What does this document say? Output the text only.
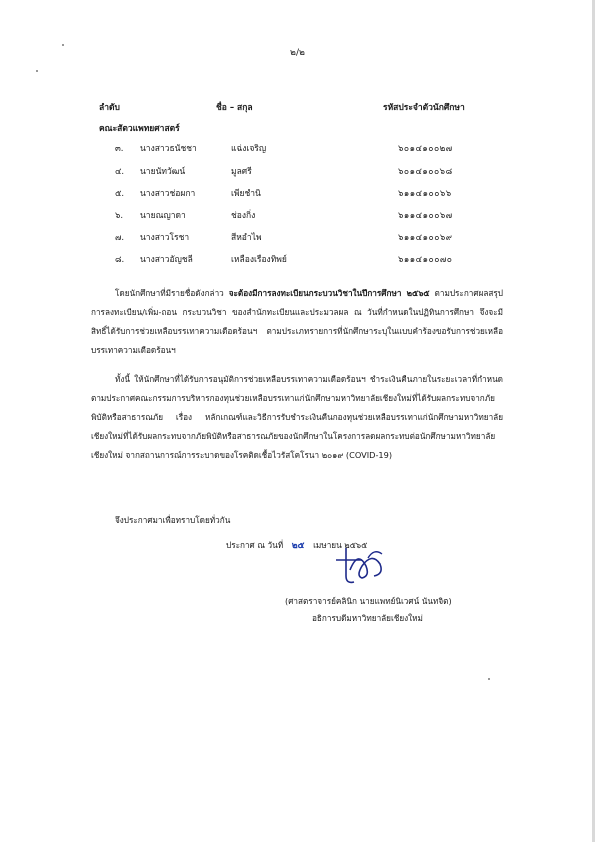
๒/๒
ลำดับ	ชื่อ – สกุล	รหัสประจำตัวนักศึกษา
คณะสัตวแพทยศาสตร์
๓. นางสาวธนัชชา	แฉ่งเจริญ	๖๐๑๔๑๐๐๒๗
๔. นายนัทวัฒน์	มูลศรี	๖๐๑๔๑๐๐๖๘
๕. นางสาวช่อผกา	เพียชำนิ	๖๑๑๔๑๐๐๖๖
๖. นายณญาดา	ช่องกิ่ง	๖๑๑๔๑๐๐๖๗
๗. นางสาวโรชา	สีหอำไพ	๖๑๑๔๑๐๐๖๙
๘. นางสาวอัญชลี	เหลืองเรืองทิพย์	๖๑๑๔๑๐๐๗๐

โดยนักศึกษาที่มีรายชื่อดังกล่าว จะต้องมีการลงทะเบียนกระบวนวิชาในปีการศึกษา ๒๕๖๕ ตามประกาศผลสรุปการลงทะเบียน/เพิ่ม-ถอน กระบวนวิชา ของสำนักทะเบียนและประมวลผล ณ วันที่กำหนดในปฏิทินการศึกษา จึงจะมีสิทธิ์ได้รับการช่วยเหลือบรรเทาความเดือดร้อนฯ ตามประเภทรายการที่นักศึกษาระบุในแบบคำร้องขอรับการช่วยเหลือบรรเทาความเดือดร้อนฯ

ทั้งนี้ ให้นักศึกษาที่ได้รับการอนุมัติการช่วยเหลือบรรเทาความเดือดร้อนฯ ชำระเงินคืนภายในระยะเวลาที่กำหนด ตามประกาศคณะกรรมการบริหารกองทุนช่วยเหลือบรรเทาแก่นักศึกษามหาวิทยาลัยเชียงใหม่ที่ได้รับผลกระทบจากภัยพิบัติหรือสาธารณภัย เรื่อง หลักเกณฑ์และวิธีการรับชำระเงินคืนกองทุนช่วยเหลือบรรเทาแก่นักศึกษามหาวิทยาลัยเชียงใหม่ที่ได้รับผลกระทบจากภัยพิบัติหรือสาธารณภัยของนักศึกษาในโครงการลดผลกระทบต่อนักศึกษามหาวิทยาลัยเชียงใหม่ จากสถานการณ์การระบาดของโรคติดเชื้อไวรัสโคโรนา ๒๐๑๙ (COVID-19)

จึงประกาศมาเพื่อทราบโดยทั่วกัน
ประกาศ ณ วันที่ ๒๕ เมษายน ๒๕๖๕
(ศาสตราจารย์คลินิก นายแพทย์นิเวศน์ นันทจิต)
อธิการบดีมหาวิทยาลัยเชียงใหม่
